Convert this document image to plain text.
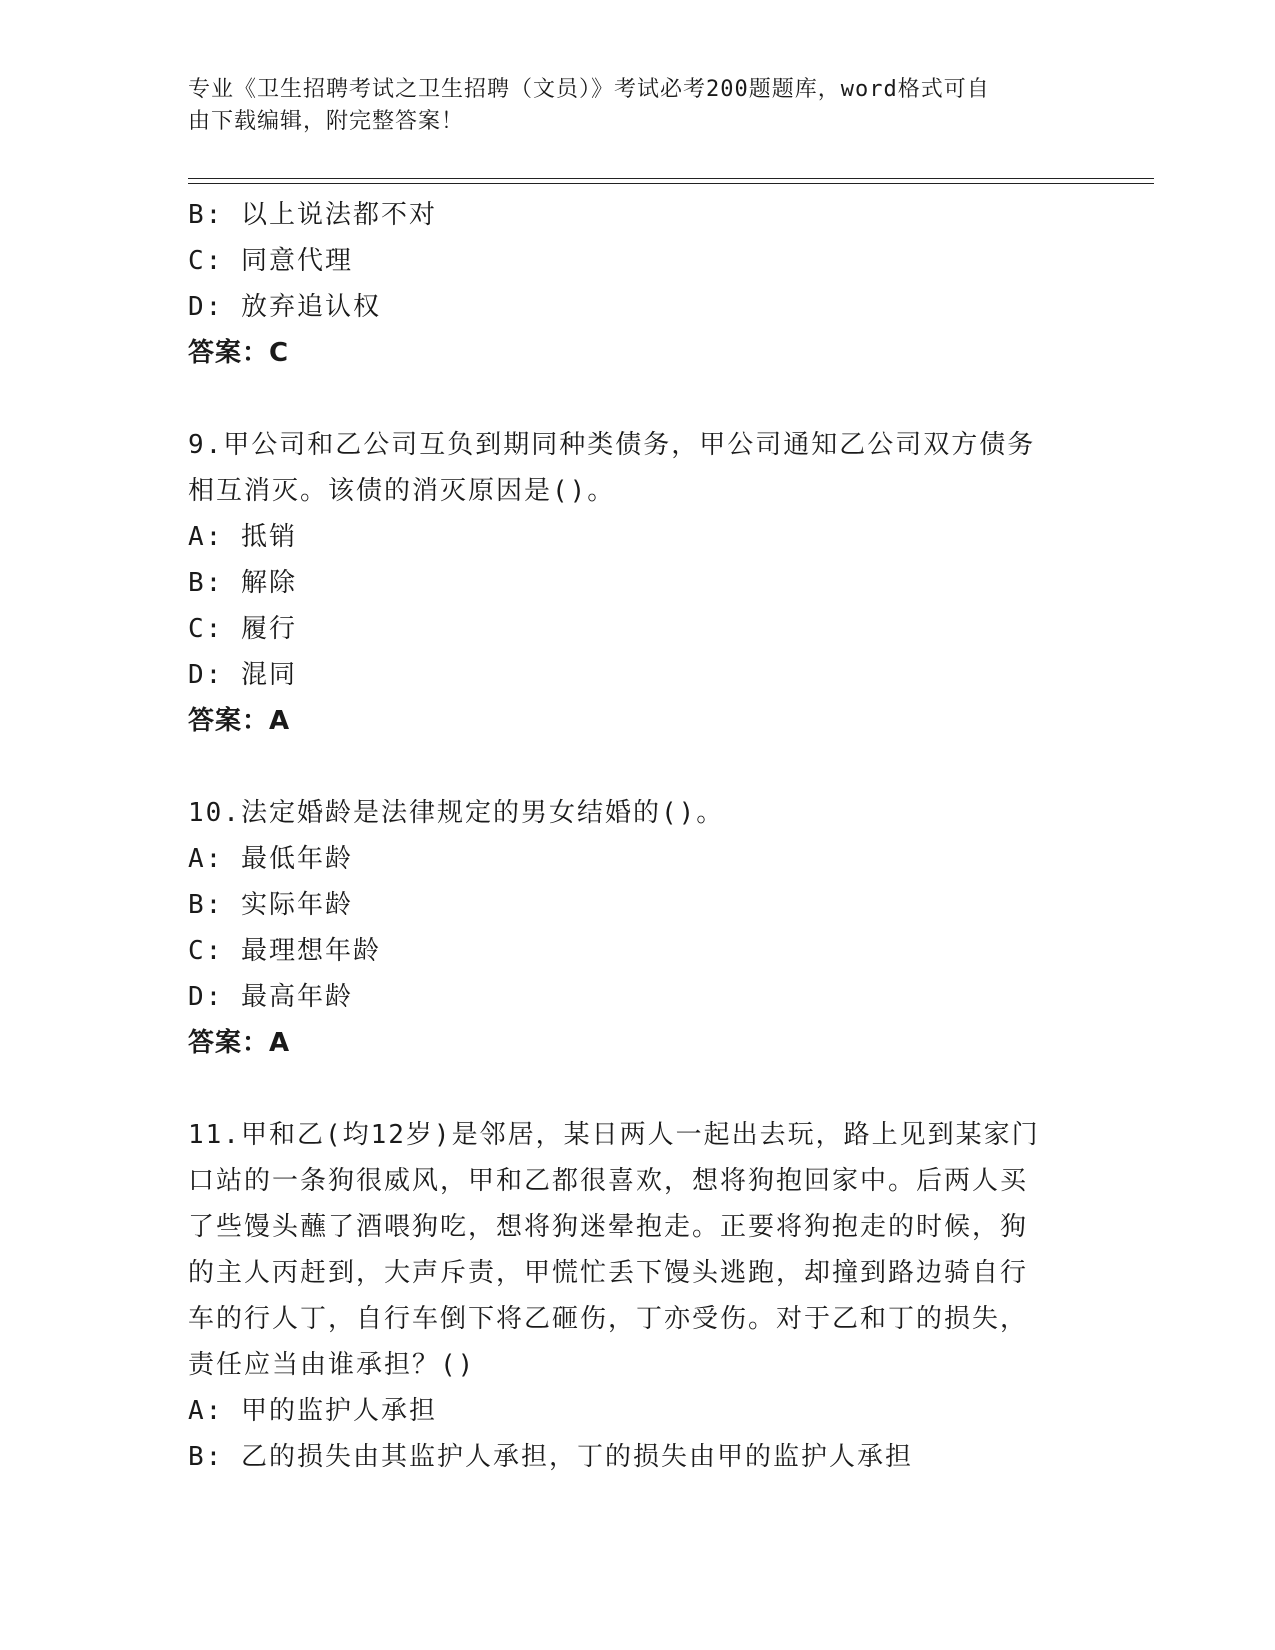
专业《卫生招聘考试之卫生招聘（文员）》考试必考200题题库，word格式可自
由下载编辑，附完整答案！
B: 以上说法都不对
C: 同意代理
D: 放弃追认权
答案：C
9.甲公司和乙公司互负到期同种类债务，甲公司通知乙公司双方债务
相互消灭。该债的消灭原因是()。
A: 抵销
B: 解除
C: 履行
D: 混同
答案：A
10.法定婚龄是法律规定的男女结婚的()。
A: 最低年龄
B: 实际年龄
C: 最理想年龄
D: 最高年龄
答案：A
11.甲和乙(均12岁)是邻居，某日两人一起出去玩，路上见到某家门
口站的一条狗很威风，甲和乙都很喜欢，想将狗抱回家中。后两人买
了些馒头蘸了酒喂狗吃，想将狗迷晕抱走。正要将狗抱走的时候，狗
的主人丙赶到，大声斥责，甲慌忙丢下馒头逃跑，却撞到路边骑自行
车的行人丁，自行车倒下将乙砸伤，丁亦受伤。对于乙和丁的损失，
责任应当由谁承担？()
A: 甲的监护人承担
B: 乙的损失由其监护人承担，丁的损失由甲的监护人承担
